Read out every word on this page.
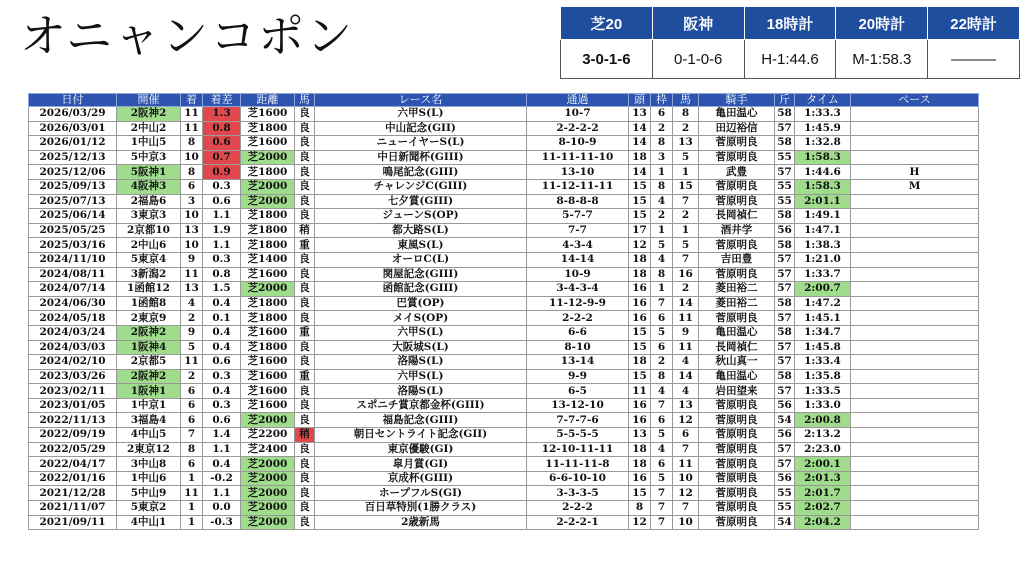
オニャンコポン	芝20	阪神	18時計	20時計	22時計
3-0-1-6	0-1-0-6	H-1:44.6	M-1:58.3	———
日付	開催	着	着差	距離	馬	レース名	通過	頭	枠	馬	騎手	斤	タイム	ペース
2026/03/29	2阪神2	11	1.3	芝1600	良	六甲S(L)	10-7	13	6	8	亀田温心	58	1:33.3	
2026/03/01	2中山2	11	0.8	芝1800	良	中山記念(GII)	2-2-2-2	14	2	2	田辺裕信	57	1:45.9	
2026/01/12	1中山5	8	0.6	芝1600	良	ニューイヤーS(L)	8-10-9	14	8	13	菅原明良	58	1:32.8	
2025/12/13	5中京3	10	0.7	芝2000	良	中日新聞杯(GIII)	11-11-11-10	18	3	5	菅原明良	55	1:58.3	
2025/12/06	5阪神1	8	0.9	芝1800	良	鳴尾記念(GIII)	13-10	14	1	1	武豊	57	1:44.6	H
2025/09/13	4阪神3	6	0.3	芝2000	良	チャレンジC(GIII)	11-12-11-11	15	8	15	菅原明良	55	1:58.3	M
2025/07/13	2福島6	3	0.6	芝2000	良	七夕賞(GIII)	8-8-8-8	15	4	7	菅原明良	55	2:01.1	
2025/06/14	3東京3	10	1.1	芝1800	良	ジューンS(OP)	5-7-7	15	2	2	長岡禎仁	58	1:49.1	
2025/05/25	2京都10	13	1.9	芝1800	稍	都大路S(L)	7-7	17	1	1	酒井学	56	1:47.1	
2025/03/16	2中山6	10	1.1	芝1800	重	東風S(L)	4-3-4	12	5	5	菅原明良	58	1:38.3	
2024/11/10	5東京4	9	0.3	芝1400	良	オーロC(L)	14-14	18	4	7	吉田豊	57	1:21.0	
2024/08/11	3新潟2	11	0.8	芝1600	良	関屋記念(GIII)	10-9	18	8	16	菅原明良	57	1:33.7	
2024/07/14	1函館12	13	1.5	芝2000	良	函館記念(GIII)	3-4-3-4	16	1	2	菱田裕二	57	2:00.7	
2024/06/30	1函館8	4	0.4	芝1800	良	巴賞(OP)	11-12-9-9	16	7	14	菱田裕二	58	1:47.2	
2024/05/18	2東京9	2	0.1	芝1800	良	メイS(OP)	2-2-2	16	6	11	菅原明良	57	1:45.1	
2024/03/24	2阪神2	9	0.4	芝1600	重	六甲S(L)	6-6	15	5	9	亀田温心	58	1:34.7	
2024/03/03	1阪神4	5	0.4	芝1800	良	大阪城S(L)	8-10	15	6	11	長岡禎仁	57	1:45.8	
2024/02/10	2京都5	11	0.6	芝1600	良	洛陽S(L)	13-14	18	2	4	秋山真一	57	1:33.4	
2023/03/26	2阪神2	2	0.3	芝1600	重	六甲S(L)	9-9	15	8	14	亀田温心	58	1:35.8	
2023/02/11	1阪神1	6	0.4	芝1600	良	洛陽S(L)	6-5	11	4	4	岩田望来	57	1:33.5	
2023/01/05	1中京1	6	0.3	芝1600	良	スポニチ賞京都金杯(GIII)	13-12-10	16	7	13	菅原明良	56	1:33.0	
2022/11/13	3福島4	6	0.6	芝2000	良	福島記念(GIII)	7-7-7-6	16	6	12	菅原明良	54	2:00.8	
2022/09/19	4中山5	7	1.4	芝2200	稍	朝日セントライト記念(GII)	5-5-5-5	13	5	6	菅原明良	56	2:13.2	
2022/05/29	2東京12	8	1.1	芝2400	良	東京優駿(GI)	12-10-11-11	18	4	7	菅原明良	57	2:23.0	
2022/04/17	3中山8	6	0.4	芝2000	良	皐月賞(GI)	11-11-11-8	18	6	11	菅原明良	57	2:00.1	
2022/01/16	1中山6	1	-0.2	芝2000	良	京成杯(GIII)	6-6-10-10	16	5	10	菅原明良	56	2:01.3	
2021/12/28	5中山9	11	1.1	芝2000	良	ホープフルS(GI)	3-3-3-5	15	7	12	菅原明良	55	2:01.7	
2021/11/07	5東京2	1	0.0	芝2000	良	百日草特別(1勝クラス)	2-2-2	8	7	7	菅原明良	55	2:02.7	
2021/09/11	4中山1	1	-0.3	芝2000	良	2歳新馬	2-2-2-1	12	7	10	菅原明良	54	2:04.2	
